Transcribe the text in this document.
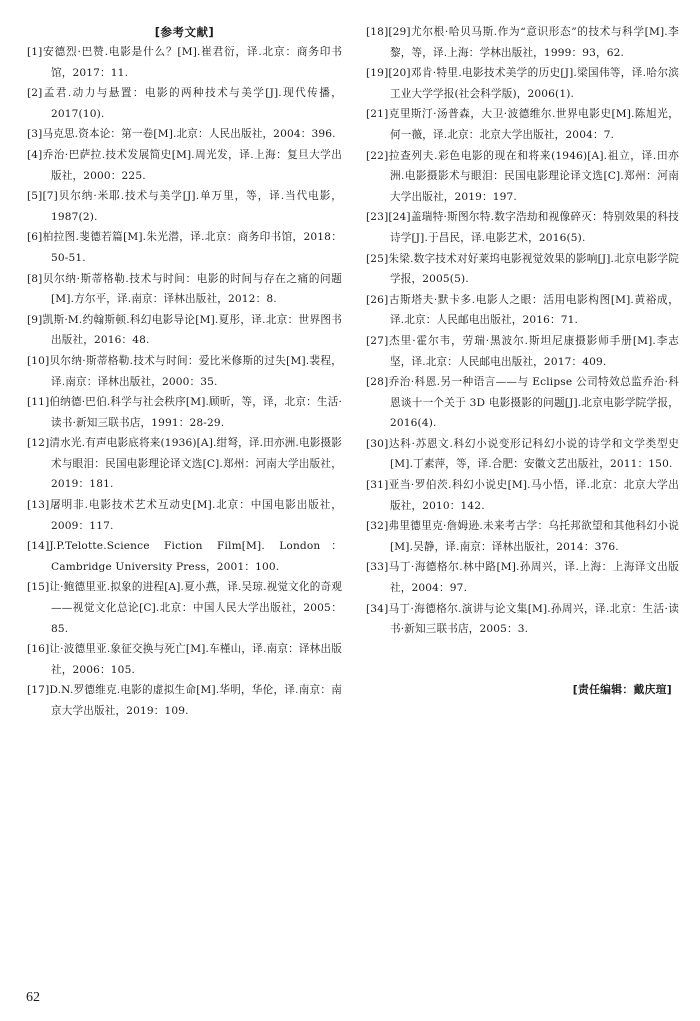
[参考文献]
[1]安德烈·巴赞.电影是什么？[M].崔君衍，译.北京：商务印书馆，2017：11.
[2]孟君.动力与悬置：电影的两种技术与美学[J].现代传播，2017(10).
[3]马克思.资本论：第一卷[M].北京：人民出版社，2004：396.
[4]乔治·巴萨拉.技术发展简史[M].周光发，译.上海：复旦大学出版社，2000：225.
[5][7]贝尔纳·米耶.技术与美学[J].单万里，等，译.当代电影，1987(2).
[6]柏拉图.斐德若篇[M].朱光潜，译.北京：商务印书馆，2018：50-51.
[8]贝尔纳·斯蒂格勒.技术与时间：电影的时间与存在之痛的问题[M].方尔平，译.南京：译林出版社，2012：8.
[9]凯斯·M.约翰斯顿.科幻电影导论[M].夏彤，译.北京：世界图书出版社，2016：48.
[10]贝尔纳·斯蒂格勒.技术与时间：爱比米修斯的过失[M].裴程，译.南京：译林出版社，2000：35.
[11]伯纳德·巴伯.科学与社会秩序[M].顾昕，等，译，北京：生活·读书·新知三联书店，1991：28-29.
[12]清水光.有声电影底将来(1936)[A].绀弩，译.田亦洲.电影摄影术与眼泪：民国电影理论译文选[C].郑州：河南大学出版社，2019：181.
[13]屠明非.电影技术艺术互动史[M].北京：中国电影出版社，2009：117.
[14]J.P.Telotte.Science Fiction Film[M]. London：Cambridge University Press，2001：100.
[15]让·鲍德里亚.拟象的进程[A].夏小燕，译.吴琼.视觉文化的奇观——视觉文化总论[C].北京：中国人民大学出版社，2005：85.
[16]让·波德里亚.象征交换与死亡[M].车槿山，译.南京：译林出版社，2006：105.
[17]D.N.罗德维克.电影的虚拟生命[M].华明，华伦，译.南京：南京大学出版社，2019：109.
[18][29]尤尔根·哈贝马斯.作为“意识形态”的技术与科学[M].李黎，等，译.上海：学林出版社，1999：93，62.
[19][20]邓肯·特里.电影技术美学的历史[J].梁国伟等，译.哈尔滨工业大学学报(社会科学版)，2006(1).
[21]克里斯汀·汤普森，大卫·波德维尔.世界电影史[M].陈旭光，何一薇，译.北京：北京大学出版社，2004：7.
[22]拉查列夫.彩色电影的现在和将来(1946)[A].祖立，译.田亦洲.电影摄影术与眼泪：民国电影理论译文选[C].郑州：河南大学出版社，2019：197.
[23][24]盖瑞特·斯图尔特.数字浩劫和视像碎灭：特别效果的科技诗学[J].于昌民，译.电影艺术，2016(5).
[25]朱梁.数字技术对好莱坞电影视觉效果的影响[J].北京电影学院学报，2005(5).
[26]古斯塔夫·默卡多.电影人之眼：活用电影构图[M].黄裕成，译.北京：人民邮电出版社，2016：71.
[27]杰里·霍尔韦，劳瑞·黑波尔.斯坦尼康摄影师手册[M].李志坚，译.北京：人民邮电出版社，2017：409.
[28]乔治·科恩.另一种语言——与 Eclipse 公司特效总监乔治·科恩谈十一个关于 3D 电影摄影的问题[J].北京电影学院学报，2016(4).
[30]达科·苏恩文.科幻小说变形记科幻小说的诗学和文学类型史[M].丁素萍，等，译.合肥：安徽文艺出版社，2011：150.
[31]亚当·罗伯茨.科幻小说史[M].马小悟，译.北京：北京大学出版社，2010：142.
[32]弗里德里克·詹姆逊.未来考古学：乌托邦欲望和其他科幻小说[M].吴静，译.南京：译林出版社，2014：376.
[33]马丁·海德格尔.林中路[M].孙周兴，译.上海：上海译文出版社，2004：97.
[34]马丁·海德格尔.演讲与论文集[M].孙周兴，译.北京：生活·读书·新知三联书店，2005：3.
[责任编辑：戴庆瑄]
62
